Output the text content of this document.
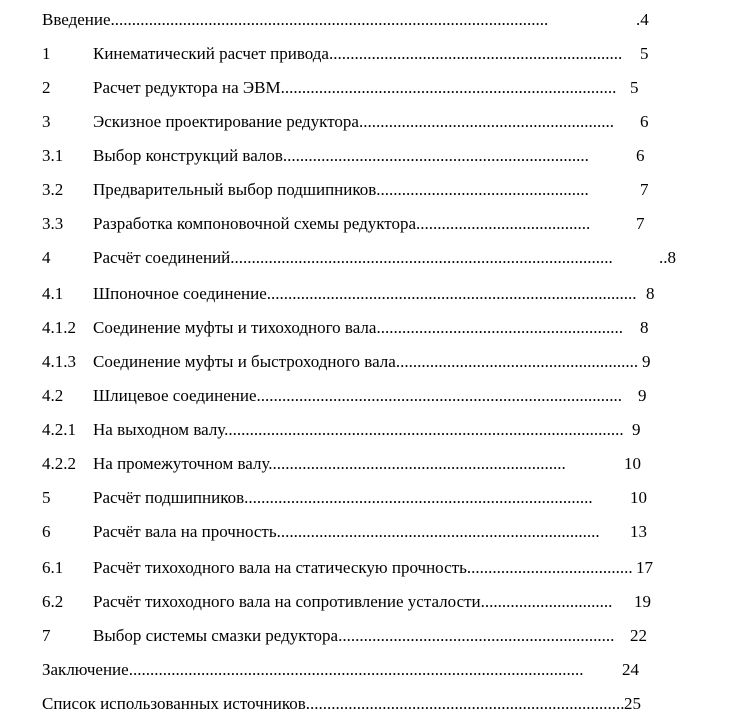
Введение.......................................................................................................	.4
1	Кинематический расчет привода.....................................................................	5
2	Расчет редуктора на ЭВМ............................................................................... 5
3	Эскизное проектирование редуктора............................................................	6
3.1 Выбор конструкций валов........................................................................	6
3.2 Предварительный выбор подшипников..................................................	7
3.3 Разработка компоновочной схемы редуктора.........................................	7
4	Расчёт соединений..........................................................................................	..8
4.1 Шпоночное соединение....................................................................................... 8
4.1.2 Соединение муфты и тихоходного вала..........................................................	8
4.1.3 Соединение муфты и быстроходного вала......................................................... 9
4.2 Шлицевое соединение...................................................................................... 9
4.2.1 На выходном валу.............................................................................................. 9
4.2.2 На промежуточном валу......................................................................	10
5	Расчёт подшипников..................................................................................	10
6	Расчёт вала на прочность............................................................................	13
6.1 Расчёт тихоходного вала на статическую прочность....................................... 17
6.2 Расчёт тихоходного вала на сопротивление усталости...............................	19
7	Выбор системы смазки редуктора................................................................. 22
Заключение...........................................................................................................	24
Список использованных источников........................................................................... 25
